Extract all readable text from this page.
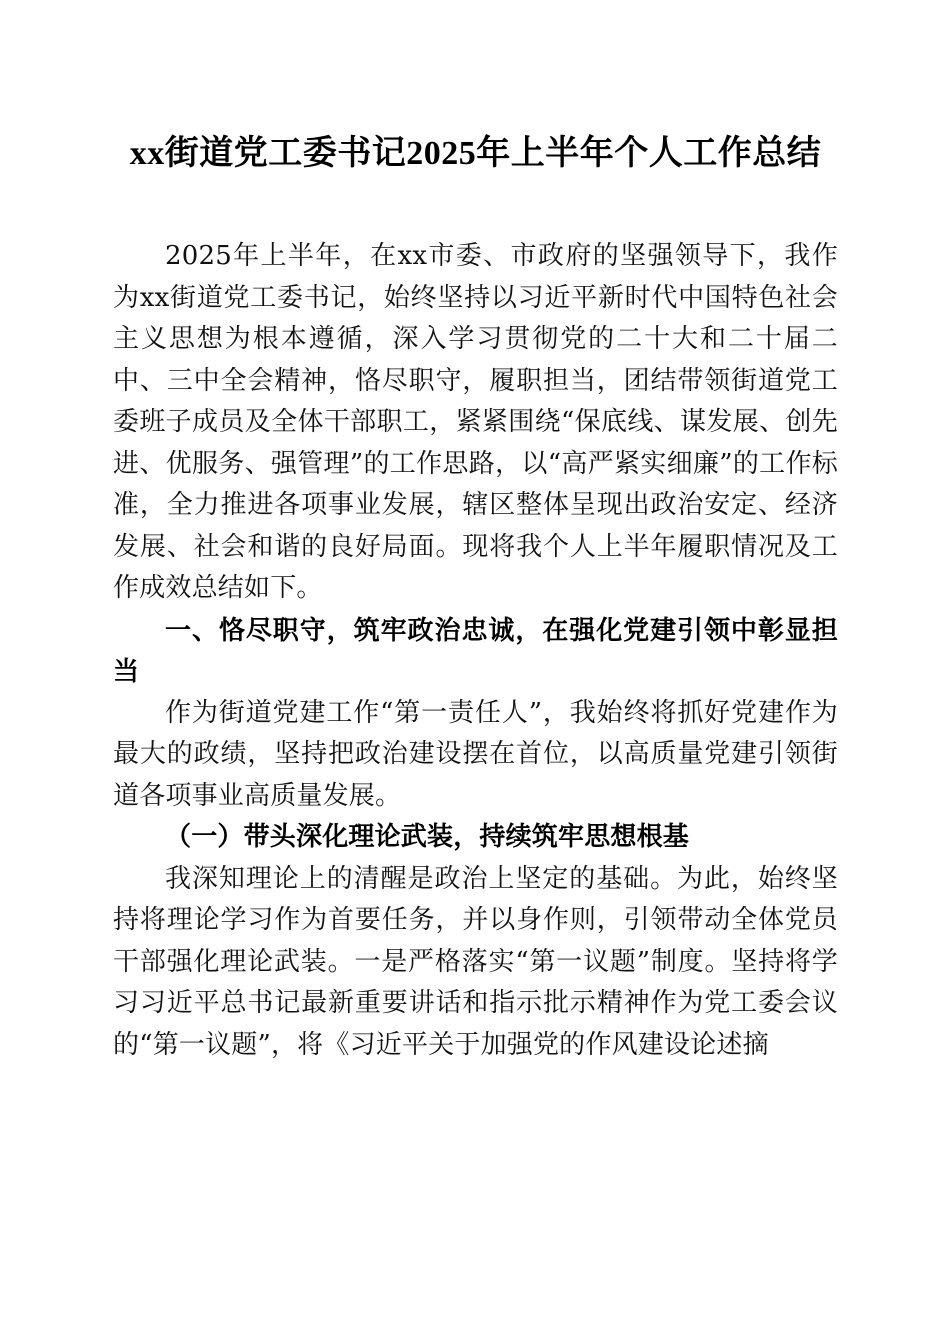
xx街道党工委书记2025年上半年个人工作总结

2025年上半年，在xx市委、市政府的坚强领导下，我作为xx街道党工委书记，始终坚持以习近平新时代中国特色社会主义思想为根本遵循，深入学习贯彻党的二十大和二十届二中、三中全会精神，恪尽职守，履职担当，团结带领街道党工委班子成员及全体干部职工，紧紧围绕“保底线、谋发展、创先进、优服务、强管理”的工作思路，以“高严紧实细廉”的工作标准，全力推进各项事业发展，辖区整体呈现出政治安定、经济发展、社会和谐的良好局面。现将我个人上半年履职情况及工作成效总结如下。

一、恪尽职守，筑牢政治忠诚，在强化党建引领中彰显担当

作为街道党建工作“第一责任人”，我始终将抓好党建作为最大的政绩，坚持把政治建设摆在首位，以高质量党建引领街道各项事业高质量发展。

（一）带头深化理论武装，持续筑牢思想根基

我深知理论上的清醒是政治上坚定的基础。为此，始终坚持将理论学习作为首要任务，并以身作则，引领带动全体党员干部强化理论武装。一是严格落实“第一议题”制度。坚持将学习习近平总书记最新重要讲话和指示批示精神作为党工委会议的“第一议题”，将《习近平关于加强党的作风建设论述摘
